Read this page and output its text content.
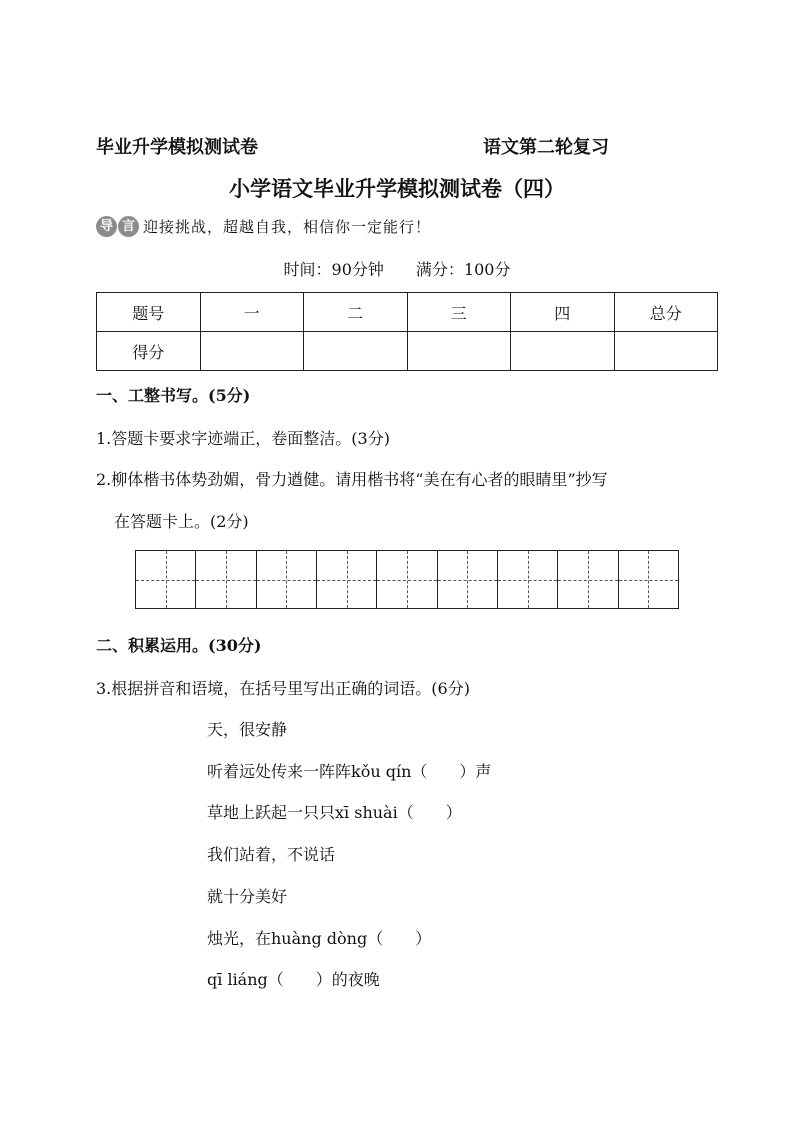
毕业升学模拟测试卷	语文第二轮复习
小学语文毕业升学模拟测试卷（四）
导 言 迎接挑战，超越自我，相信你一定能行！
时间：90分钟 满分：100分
题号	一	二	三	四	总分
得分					
一、工整书写。(5分)
1.答题卡要求字迹端正，卷面整洁。(3分)
2.柳体楷书体势劲媚，骨力遒健。请用楷书将“美在有心者的眼睛里”抄写
在答题卡上。(2分)
二、积累运用。(30分)
3.根据拼音和语境，在括号里写出正确的词语。(6分)
天，很安静
听着远处传来一阵阵kǒu qín（　　）声
草地上跃起一只只xī shuài（　　）
我们站着，不说话
就十分美好
烛光，在huàng dòng（　　）
qī liáng（　　）的夜晚
